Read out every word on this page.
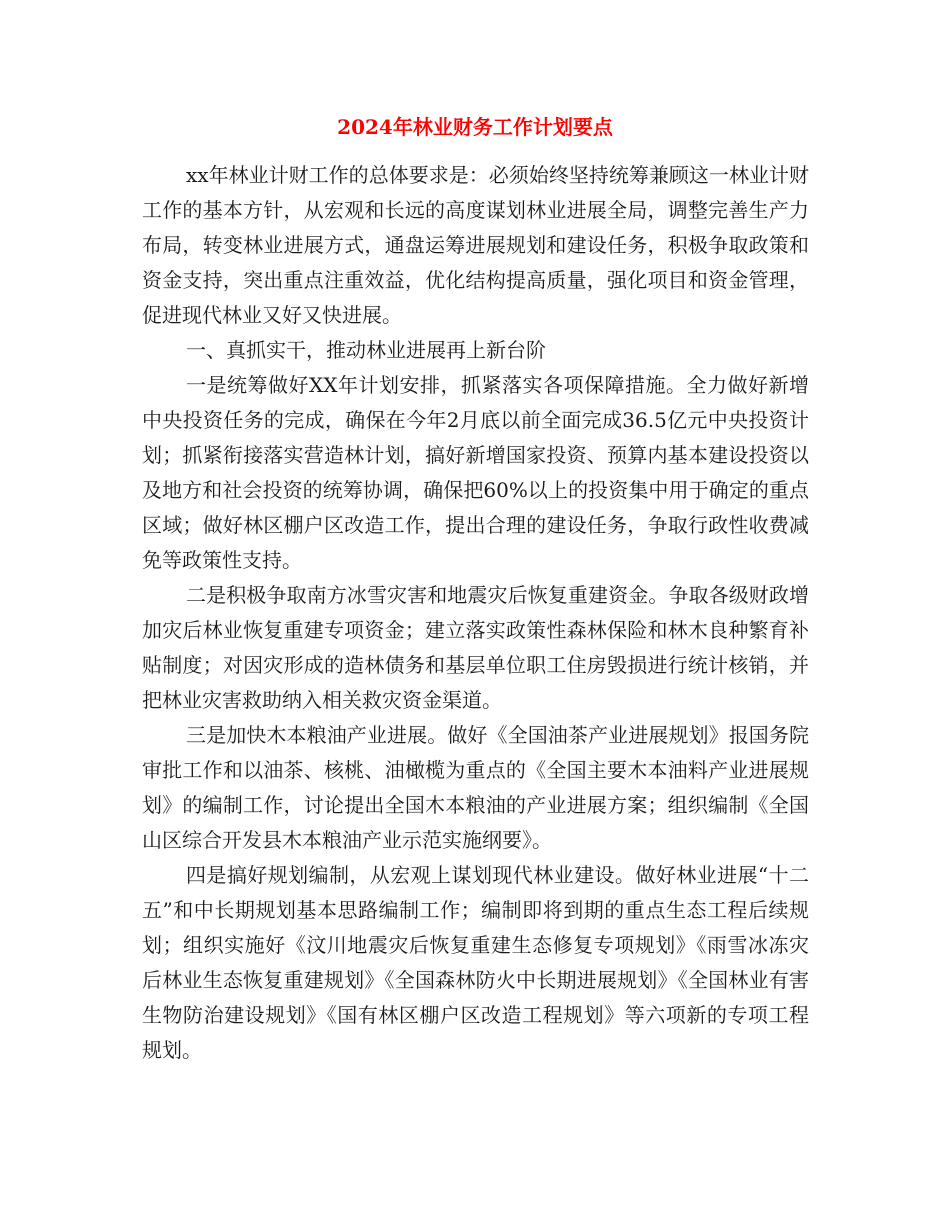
2024年林业财务工作计划要点

xx年林业计财工作的总体要求是：必须始终坚持统筹兼顾这一林业计财工作的基本方针，从宏观和长远的高度谋划林业进展全局，调整完善生产力布局，转变林业进展方式，通盘运筹进展规划和建设任务，积极争取政策和资金支持，突出重点注重效益，优化结构提高质量，强化项目和资金管理，促进现代林业又好又快进展。

一、真抓实干，推动林业进展再上新台阶

一是统筹做好XX年计划安排，抓紧落实各项保障措施。全力做好新增中央投资任务的完成，确保在今年2月底以前全面完成36.5亿元中央投资计划；抓紧衔接落实营造林计划，搞好新增国家投资、预算内基本建设投资以及地方和社会投资的统筹协调，确保把60%以上的投资集中用于确定的重点区域；做好林区棚户区改造工作，提出合理的建设任务，争取行政性收费减免等政策性支持。

二是积极争取南方冰雪灾害和地震灾后恢复重建资金。争取各级财政增加灾后林业恢复重建专项资金；建立落实政策性森林保险和林木良种繁育补贴制度；对因灾形成的造林债务和基层单位职工住房毁损进行统计核销，并把林业灾害救助纳入相关救灾资金渠道。

三是加快木本粮油产业进展。做好《全国油茶产业进展规划》报国务院审批工作和以油茶、核桃、油橄榄为重点的《全国主要木本油料产业进展规划》的编制工作，讨论提出全国木本粮油的产业进展方案；组织编制《全国山区综合开发县木本粮油产业示范实施纲要》。

四是搞好规划编制，从宏观上谋划现代林业建设。做好林业进展“十二五”和中长期规划基本思路编制工作；编制即将到期的重点生态工程后续规划；组织实施好《汶川地震灾后恢复重建生态修复专项规划》《雨雪冰冻灾后林业生态恢复重建规划》《全国森林防火中长期进展规划》《全国林业有害生物防治建设规划》《国有林区棚户区改造工程规划》等六项新的专项工程规划。
